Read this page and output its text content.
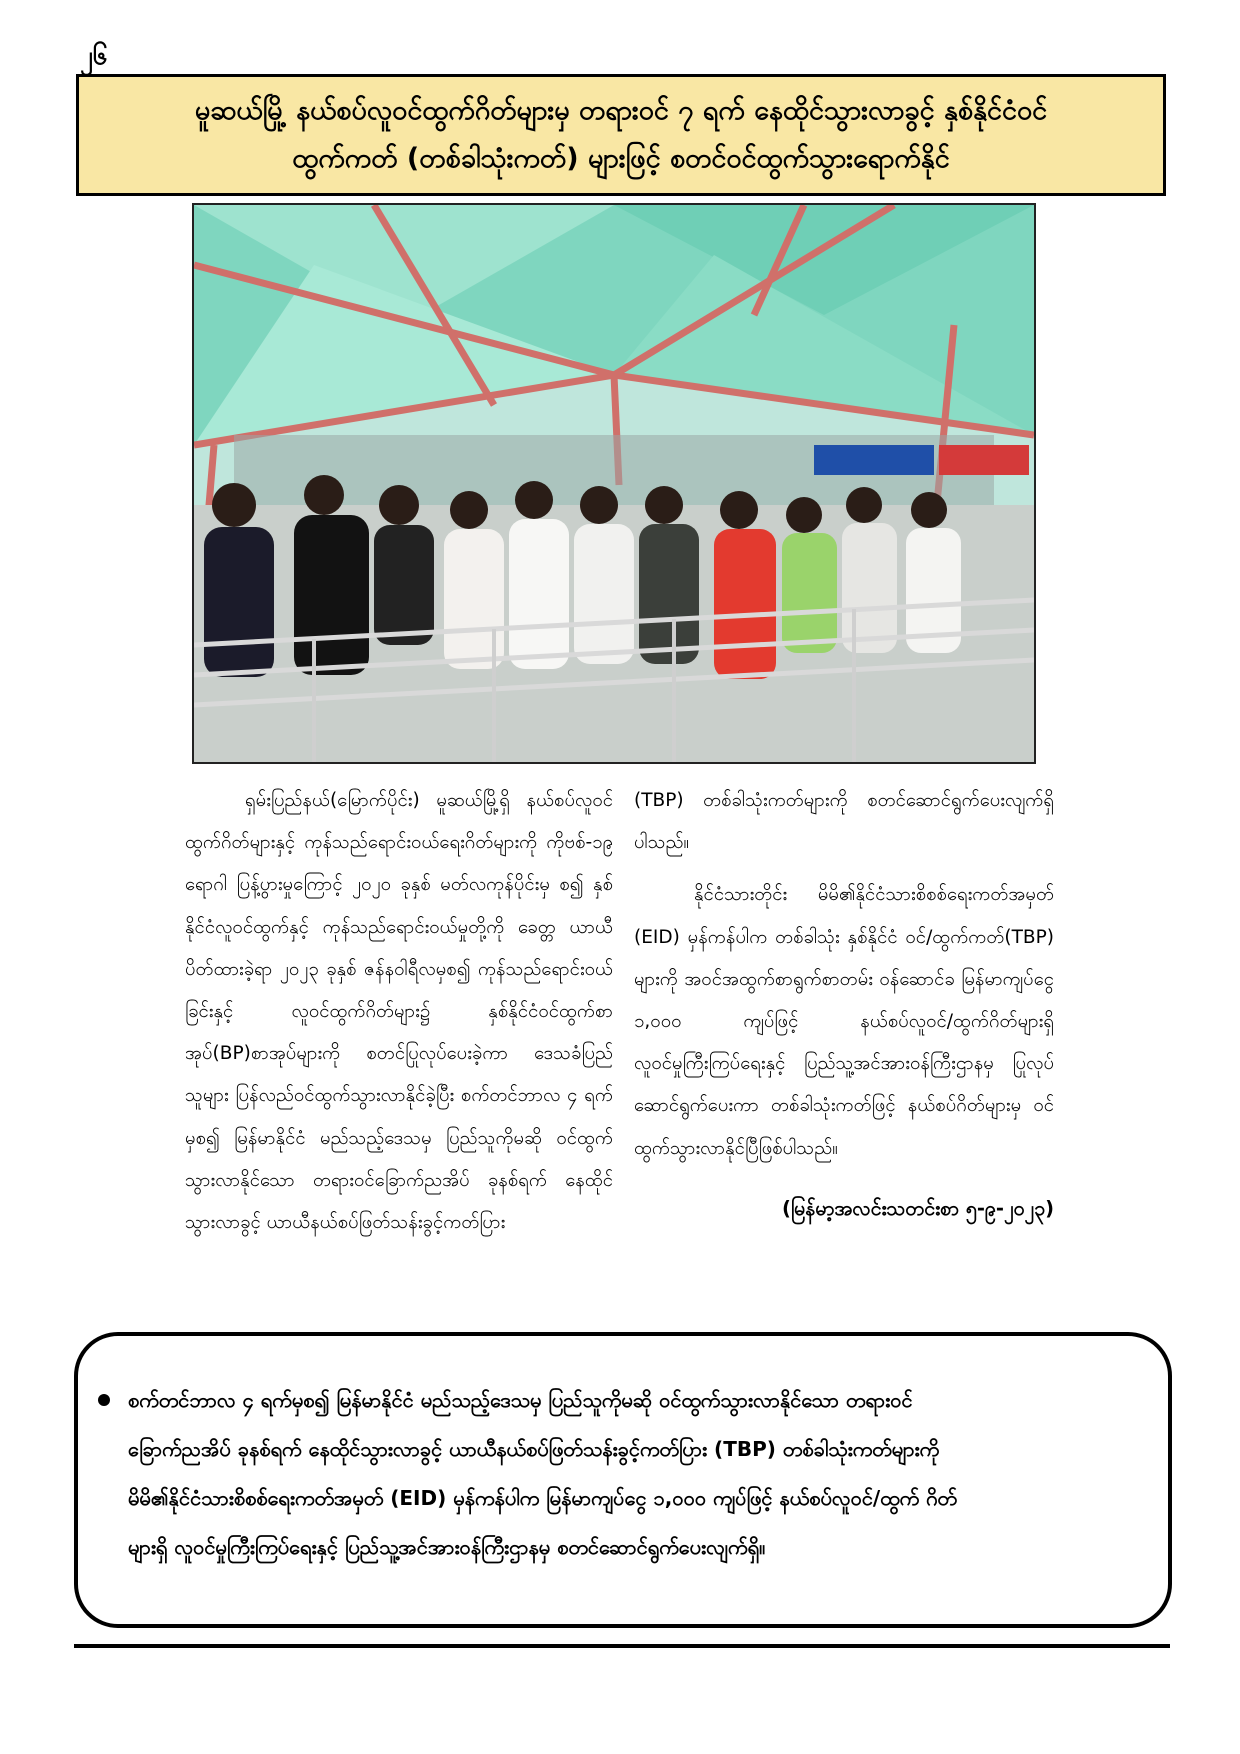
၂၆
မူဆယ်မြို့ နယ်စပ်လူဝင်ထွက်ဂိတ်များမှ တရားဝင် ၇ ရက် နေထိုင်သွားလာခွင့် နှစ်နိုင်ငံဝင်
ထွက်ကတ် (တစ်ခါသုံးကတ်) များဖြင့် စတင်ဝင်ထွက်သွားရောက်နိုင်

ရှမ်းပြည်နယ်(မြောက်ပိုင်း) မူဆယ်မြို့ရှိ နယ်စပ်လူဝင်ထွက်ဂိတ်များနှင့် ကုန်သည်ရောင်းဝယ်ရေးဂိတ်များကို ကိုဗစ်-၁၉ ရောဂါ ပြန့်ပွားမှုကြောင့် ၂၀၂၀ ခုနှစ် မတ်လကုန်ပိုင်းမှ စ၍ နှစ်နိုင်ငံလူဝင်ထွက်နှင့် ကုန်သည်ရောင်းဝယ်မှုတို့ကို ခေတ္တ ယာယီပိတ်ထားခဲ့ရာ ၂၀၂၃ ခုနှစ် ဇန်နဝါရီလမှစ၍ ကုန်သည်ရောင်းဝယ်ခြင်းနှင့် လူဝင်ထွက်ဂိတ်များ၌ နှစ်နိုင်ငံဝင်ထွက်စာအုပ်(BP)စာအုပ်များကို စတင်ပြုလုပ်ပေးခဲ့ကာ ဒေသခံပြည်သူများ ပြန်လည်ဝင်ထွက်သွားလာနိုင်ခဲ့ပြီး စက်တင်ဘာလ ၄ ရက်မှစ၍ မြန်မာနိုင်ငံ မည်သည့်ဒေသမှ ပြည်သူကိုမဆို ဝင်ထွက်သွားလာနိုင်သော တရားဝင်ခြောက်ညအိပ် ခုနစ်ရက် နေထိုင်သွားလာခွင့် ယာယီနယ်စပ်ဖြတ်သန်းခွင့်ကတ်ပြား

(TBP) တစ်ခါသုံးကတ်များကို စတင်ဆောင်ရွက်ပေးလျက်ရှိပါသည်။

နိုင်ငံသားတိုင်း မိမိ၏နိုင်ငံသားစိစစ်ရေးကတ်အမှတ် (EID) မှန်ကန်ပါက တစ်ခါသုံး နှစ်နိုင်ငံ ဝင်/ထွက်ကတ်(TBP) များကို အဝင်အထွက်စာရွက်စာတမ်း ဝန်ဆောင်ခ မြန်မာကျပ်ငွေ ၁,၀၀၀ ကျပ်ဖြင့် နယ်စပ်လူဝင်/ထွက်ဂိတ်များရှိ လူဝင်မှုကြီးကြပ်ရေးနှင့် ပြည်သူ့အင်အားဝန်ကြီးဌာနမှ ပြုလုပ်ဆောင်ရွက်ပေးကာ တစ်ခါသုံးကတ်ဖြင့် နယ်စပ်ဂိတ်များမှ ဝင်ထွက်သွားလာနိုင်ပြီဖြစ်ပါသည်။

(မြန်မာ့အလင်းသတင်းစာ ၅-၉-၂၀၂၃)
စက်တင်ဘာလ ၄ ရက်မှစ၍ မြန်မာနိုင်ငံ မည်သည့်ဒေသမှ ပြည်သူကိုမဆို ဝင်ထွက်သွားလာနိုင်သော တရားဝင်
ခြောက်ညအိပ် ခုနစ်ရက် နေထိုင်သွားလာခွင့် ယာယီနယ်စပ်ဖြတ်သန်းခွင့်ကတ်ပြား (TBP) တစ်ခါသုံးကတ်များကို
မိမိ၏နိုင်ငံသားစိစစ်ရေးကတ်အမှတ် (EID) မှန်ကန်ပါက မြန်မာကျပ်ငွေ ၁,၀၀၀ ကျပ်ဖြင့် နယ်စပ်လူဝင်/ထွက် ဂိတ်
များရှိ လူဝင်မှုကြီးကြပ်ရေးနှင့် ပြည်သူ့အင်အားဝန်ကြီးဌာနမှ စတင်ဆောင်ရွက်ပေးလျက်ရှိ။
